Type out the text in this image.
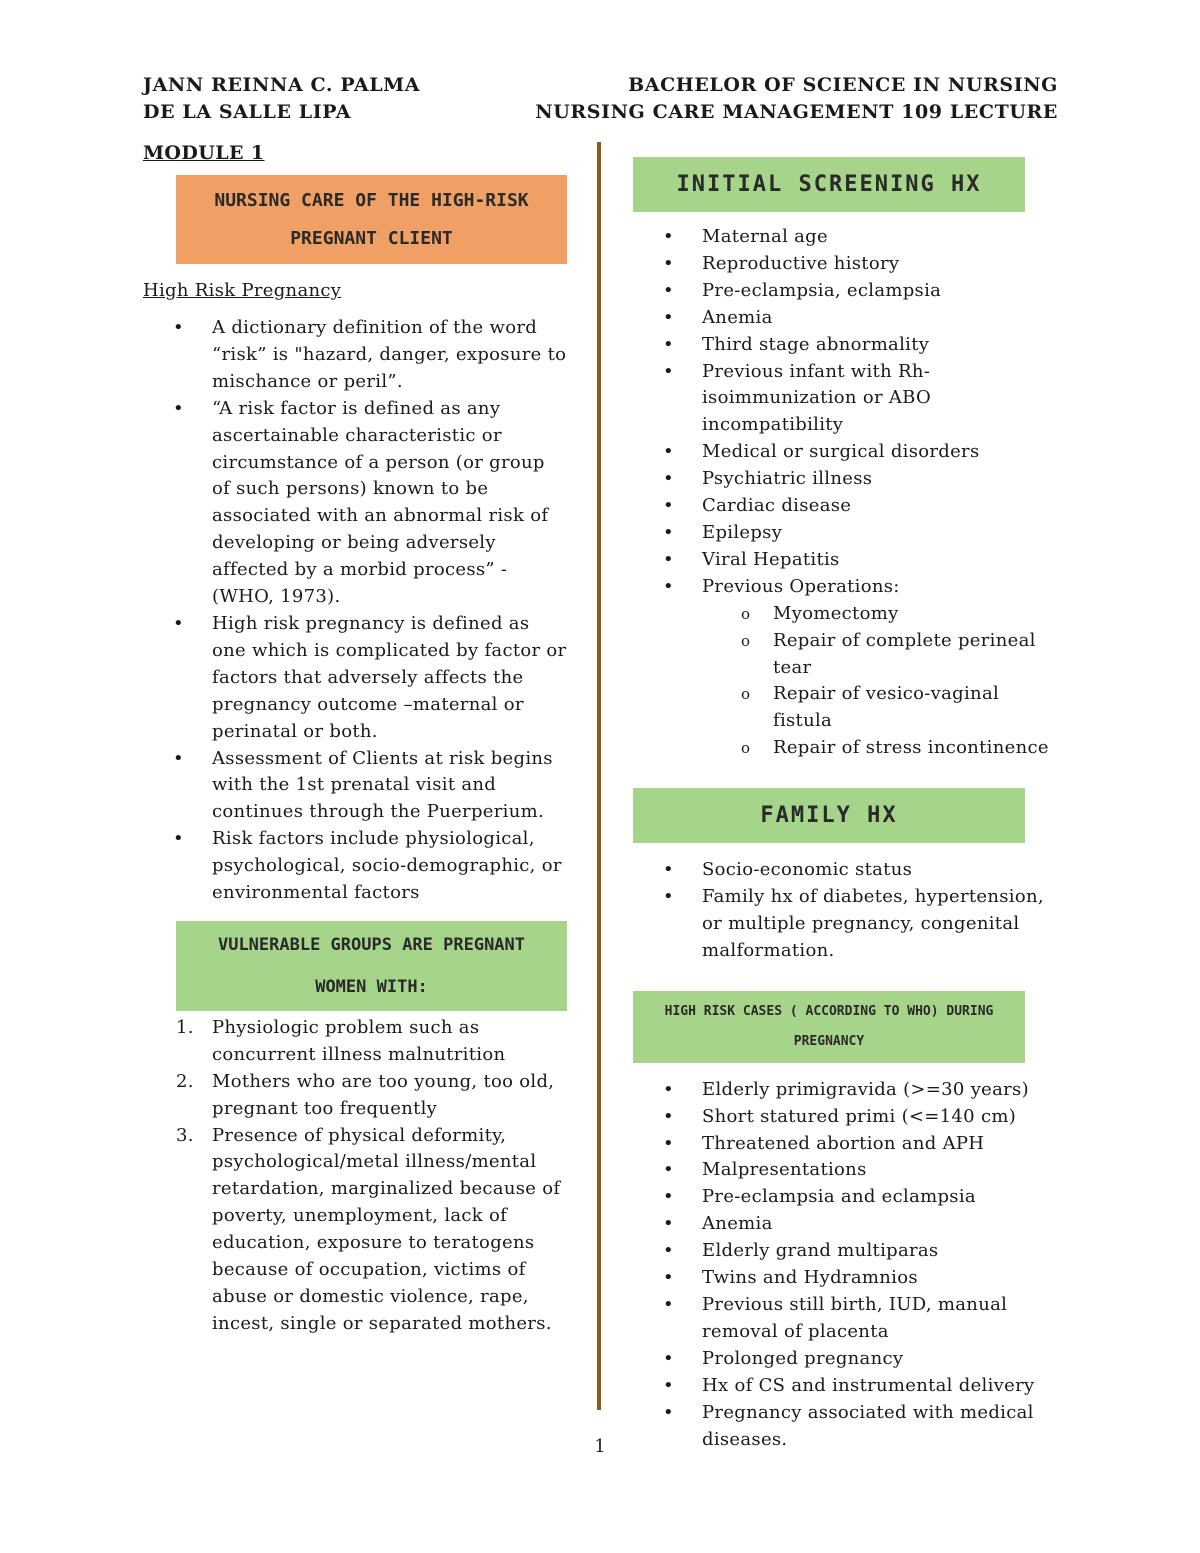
JANN REINNA C. PALMA
DE LA SALLE LIPA
BACHELOR OF SCIENCE IN NURSING
NURSING CARE MANAGEMENT 109 LECTURE
MODULE 1
NURSING CARE OF THE HIGH-RISK PREGNANT CLIENT
High Risk Pregnancy
• A dictionary definition of the word “risk” is "hazard, danger, exposure to mischance or peril”.
• “A risk factor is defined as any ascertainable characteristic or circumstance of a person (or group of such persons) known to be associated with an abnormal risk of developing or being adversely affected by a morbid process” -(WHO, 1973).
• High risk pregnancy is defined as one which is complicated by factor or factors that adversely affects the pregnancy outcome –maternal or perinatal or both.
• Assessment of Clients at risk begins with the 1st prenatal visit and continues through the Puerperium.
• Risk factors include physiological, psychological, socio-demographic, or environmental factors
VULNERABLE GROUPS ARE PREGNANT WOMEN WITH:
1. Physiologic problem such as concurrent illness malnutrition
2. Mothers who are too young, too old, pregnant too frequently
3. Presence of physical deformity, psychological/metal illness/mental retardation, marginalized because of poverty, unemployment, lack of education, exposure to teratogens because of occupation, victims of abuse or domestic violence, rape, incest, single or separated mothers.
INITIAL SCREENING HX
• Maternal age
• Reproductive history
• Pre-eclampsia, eclampsia
• Anemia
• Third stage abnormality
• Previous infant with Rh-isoimmunization or ABO incompatibility
• Medical or surgical disorders
• Psychiatric illness
• Cardiac disease
• Epilepsy
• Viral Hepatitis
• Previous Operations:
o Myomectomy
o Repair of complete perineal tear
o Repair of vesico-vaginal fistula
o Repair of stress incontinence
FAMILY HX
• Socio-economic status
• Family hx of diabetes, hypertension, or multiple pregnancy, congenital malformation.
HIGH RISK CASES ( ACCORDING TO WHO) DURING PREGNANCY
• Elderly primigravida (>=30 years)
• Short statured primi (<=140 cm)
• Threatened abortion and APH
• Malpresentations
• Pre-eclampsia and eclampsia
• Anemia
• Elderly grand multiparas
• Twins and Hydramnios
• Previous still birth, IUD, manual removal of placenta
• Prolonged pregnancy
• Hx of CS and instrumental delivery
• Pregnancy associated with medical diseases.
1
